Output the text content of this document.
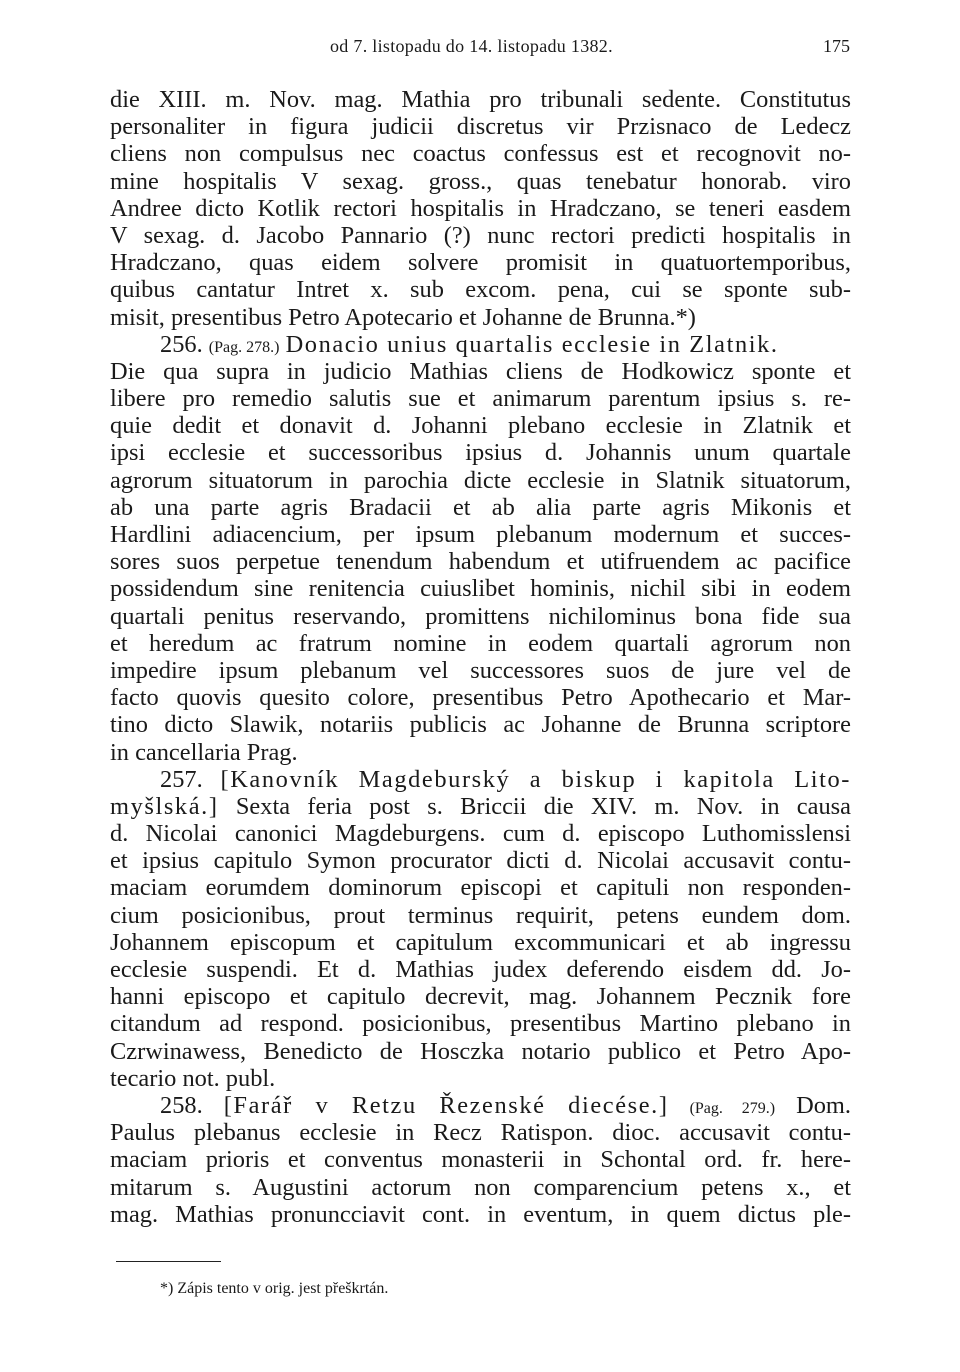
od 7. listopadu do 14. listopadu 1382.	175
die XIII. m. Nov. mag. Mathia pro tribunali sedente. Constitutus
personaliter in figura judicii discretus vir Przisnaco de Ledecz
cliens non compulsus nec coactus confessus est et recognovit no-
mine hospitalis V sexag. gross., quas tenebatur honorab. viro
Andree dicto Kotlik rectori hospitalis in Hradczano, se teneri easdem
V sexag. d. Jacobo Pannario (?) nunc rectori predicti hospitalis in
Hradczano, quas eidem solvere promisit in quatuortemporibus,
quibus cantatur Intret x. sub excom. pena, cui se sponte sub-
misit, presentibus Petro Apotecario et Johanne de Brunna.*)
256. (Pag. 278.) Donacio unius quartalis ecclesie in Zlatnik.
Die qua supra in judicio Mathias cliens de Hodkowicz sponte et
libere pro remedio salutis sue et animarum parentum ipsius s. re-
quie dedit et donavit d. Johanni plebano ecclesie in Zlatnik et
ipsi ecclesie et successoribus ipsius d. Johannis unum quartale
agrorum situatorum in parochia dicte ecclesie in Slatnik situatorum,
ab una parte agris Bradacii et ab alia parte agris Mikonis et
Hardlini adiacencium, per ipsum plebanum modernum et succes-
sores suos perpetue tenendum habendum et utifruendem ac pacifice
possidendum sine renitencia cuiuslibet hominis, nichil sibi in eodem
quartali penitus reservando, promittens nichilominus bona fide sua
et heredum ac fratrum nomine in eodem quartali agrorum non
impedire ipsum plebanum vel successores suos de jure vel de
facto quovis quesito colore, presentibus Petro Apothecario et Mar-
tino dicto Slawik, notariis publicis ac Johanne de Brunna scriptore
in cancellaria Prag.
257. [Kanovník Magdeburský a biskup i kapitola Lito-
myšlská.] Sexta feria post s. Briccii die XIV. m. Nov. in causa
d. Nicolai canonici Magdeburgens. cum d. episcopo Luthomisslensi
et ipsius capitulo Symon procurator dicti d. Nicolai accusavit contu-
maciam eorumdem dominorum episcopi et capituli non responden-
cium posicionibus, prout terminus requirit, petens eundem dom.
Johannem episcopum et capitulum excommunicari et ab ingressu
ecclesie suspendi. Et d. Mathias judex deferendo eisdem dd. Jo-
hanni episcopo et capitulo decrevit, mag. Johannem Pecznik fore
citandum ad respond. posicionibus, presentibus Martino plebano in
Czrwinawess, Benedicto de Hosczka notario publico et Petro Apo-
tecario not. publ.
258. [Farář v Retzu Řezenské diecése.] (Pag. 279.) Dom.
Paulus plebanus ecclesie in Recz Ratispon. dioc. accusavit contu-
maciam prioris et conventus monasterii in Schontal ord. fr. here-
mitarum s. Augustini actorum non comparencium petens x., et
mag. Mathias pronuncciavit cont. in eventum, in quem dictus ple-
*) Zápis tento v orig. jest přeškrtán.
